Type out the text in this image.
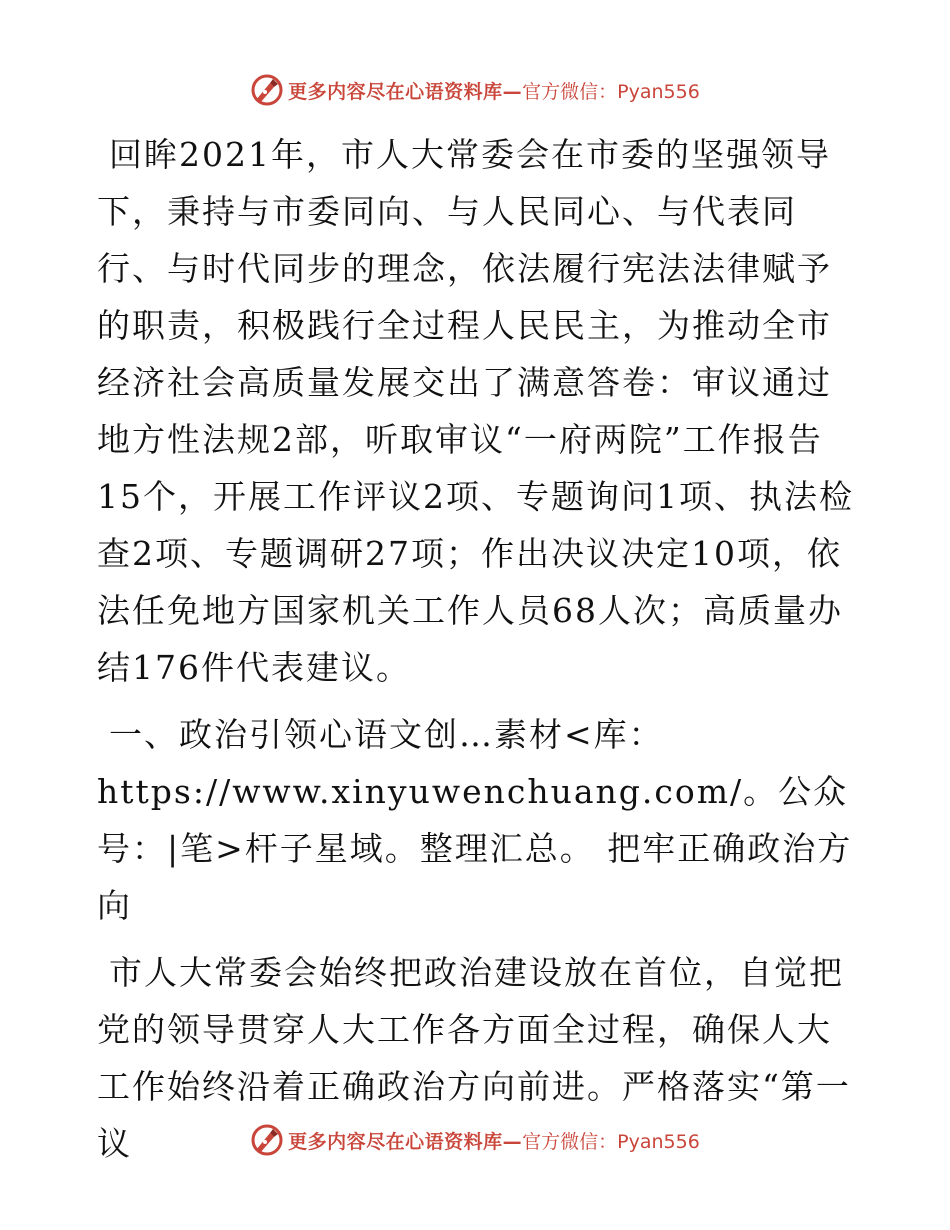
更多内容尽在心语资料库— 官方微信：Pyan556

回眸2021年，市人大常委会在市委的坚强领导下，秉持与市委同向、与人民同心、与代表同行、与时代同步的理念，依法履行宪法法律赋予的职责，积极践行全过程人民民主，为推动全市经济社会高质量发展交出了满意答卷：审议通过地方性法规2部，听取审议“一府两院”工作报告15个，开展工作评议2项、专题询问1项、执法检查2项、专题调研27项；作出决议决定10项，依法任免地方国家机关工作人员68人次；高质量办结176件代表建议。

一、政治引领心语文创…素材<库：https://www.xinyuwenchuang.com/。公众号：|笔>杆子星域。整理汇总。 把牢正确政治方向

市人大常委会始终把政治建设放在首位，自觉把党的领导贯穿人大工作各方面全过程，确保人大工作始终沿着正确政治方向前进。严格落实“第一议	更多内容尽在心语资料库— 官方微信：Pyan556
